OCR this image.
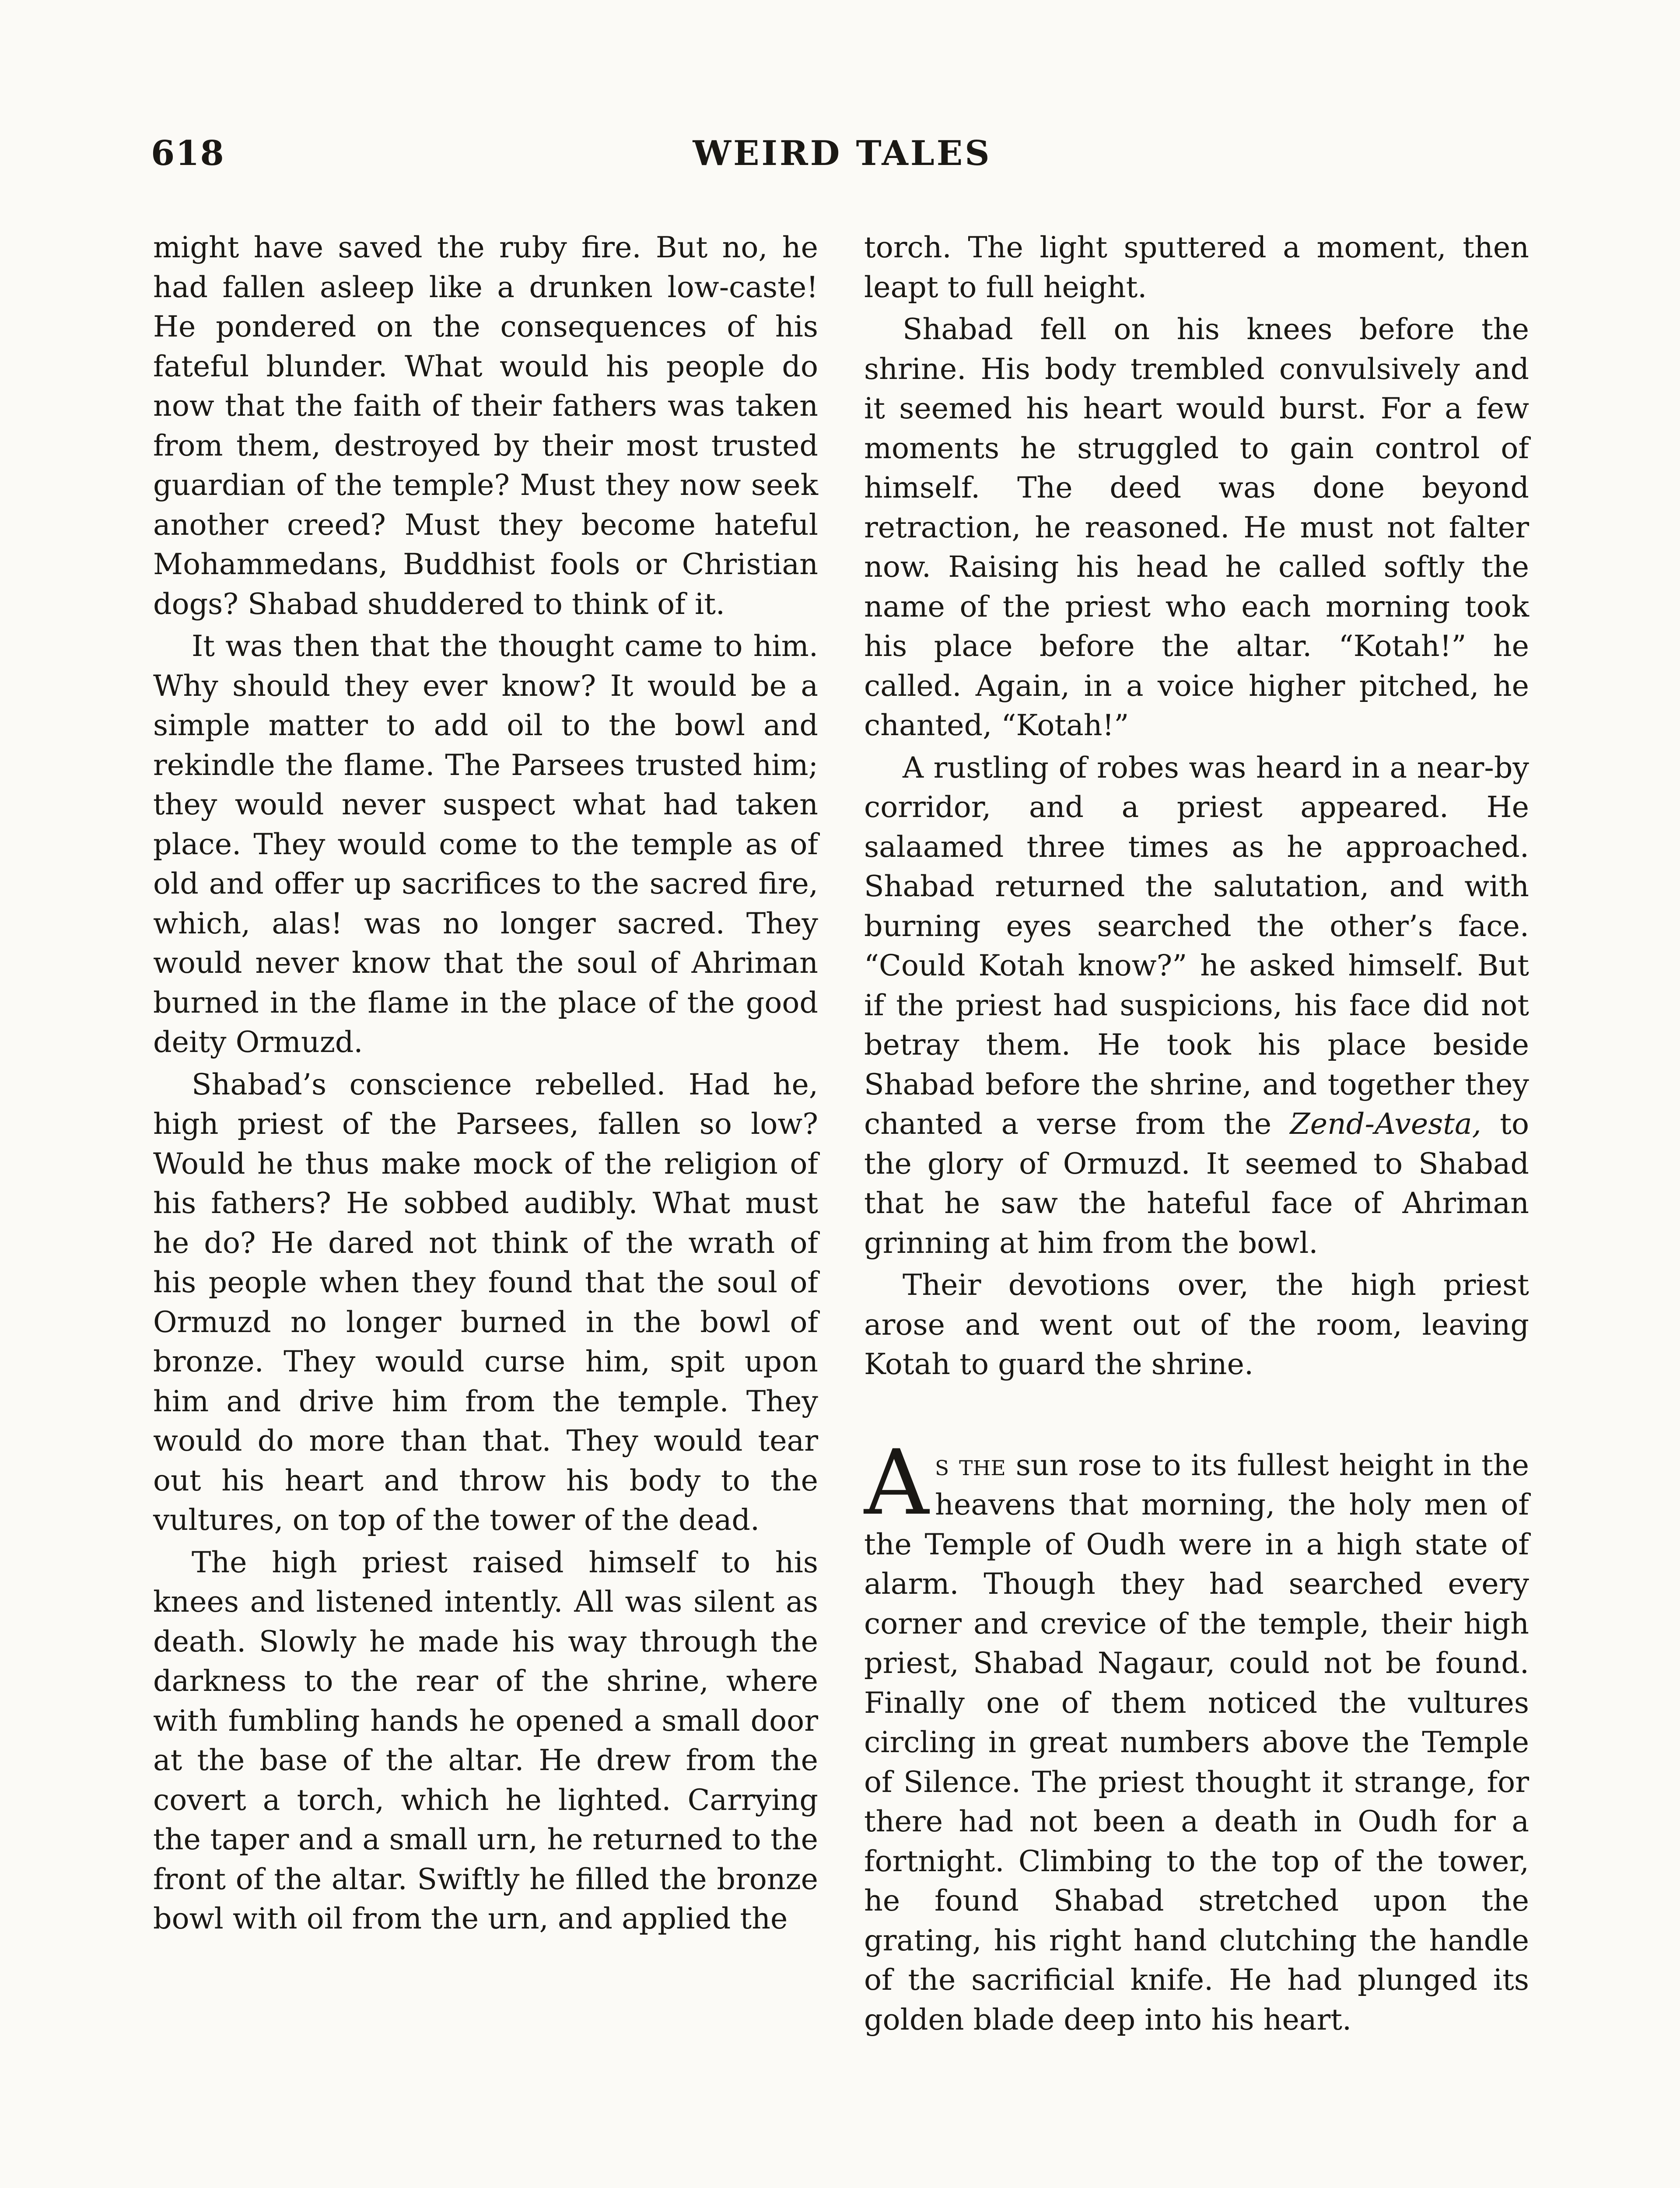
618	WEIRD TALES

might have saved the ruby fire. But no, he had fallen asleep like a drunken low-caste! He pondered on the consequences of his fateful blunder. What would his people do now that the faith of their fathers was taken from them, destroyed by their most trusted guardian of the temple? Must they now seek another creed? Must they become hateful Mohammedans, Buddhist fools or Christian dogs? Shabad shuddered to think of it.

It was then that the thought came to him. Why should they ever know? It would be a simple matter to add oil to the bowl and rekindle the flame. The Parsees trusted him; they would never suspect what had taken place. They would come to the temple as of old and offer up sacrifices to the sacred fire, which, alas! was no longer sacred. They would never know that the soul of Ahriman burned in the flame in the place of the good deity Ormuzd.

Shabad’s conscience rebelled. Had he, high priest of the Parsees, fallen so low? Would he thus make mock of the religion of his fathers? He sobbed audibly. What must he do? He dared not think of the wrath of his people when they found that the soul of Ormuzd no longer burned in the bowl of bronze. They would curse him, spit upon him and drive him from the temple. They would do more than that. They would tear out his heart and throw his body to the vultures, on top of the tower of the dead.

The high priest raised himself to his knees and listened intently. All was silent as death. Slowly he made his way through the darkness to the rear of the shrine, where with fumbling hands he opened a small door at the base of the altar. He drew from the covert a torch, which he lighted. Carrying the taper and a small urn, he returned to the front of the altar. Swiftly he filled the bronze bowl with oil from the urn, and applied the

torch. The light sputtered a moment, then leapt to full height.

Shabad fell on his knees before the shrine. His body trembled convulsively and it seemed his heart would burst. For a few moments he struggled to gain control of himself. The deed was done beyond retraction, he reasoned. He must not falter now. Raising his head he called softly the name of the priest who each morning took his place before the altar. “Kotah!” he called. Again, in a voice higher pitched, he chanted, “Kotah!”

A rustling of robes was heard in a near-by corridor, and a priest appeared. He salaamed three times as he approached. Shabad returned the salutation, and with burning eyes searched the other’s face. “Could Kotah know?” he asked himself. But if the priest had suspicions, his face did not betray them. He took his place beside Shabad before the shrine, and together they chanted a verse from the Zend-Avesta, to the glory of Ormuzd. It seemed to Shabad that he saw the hateful face of Ahriman grinning at him from the bowl.

Their devotions over, the high priest arose and went out of the room, leaving Kotah to guard the shrine.

As the sun rose to its fullest height in the heavens that morning, the holy men of the Temple of Oudh were in a high state of alarm. Though they had searched every corner and crevice of the temple, their high priest, Shabad Nagaur, could not be found. Finally one of them noticed the vultures circling in great numbers above the Temple of Silence. The priest thought it strange, for there had not been a death in Oudh for a fortnight. Climbing to the top of the tower, he found Shabad stretched upon the grating, his right hand clutching the handle of the sacrificial knife. He had plunged its golden blade deep into his heart.
